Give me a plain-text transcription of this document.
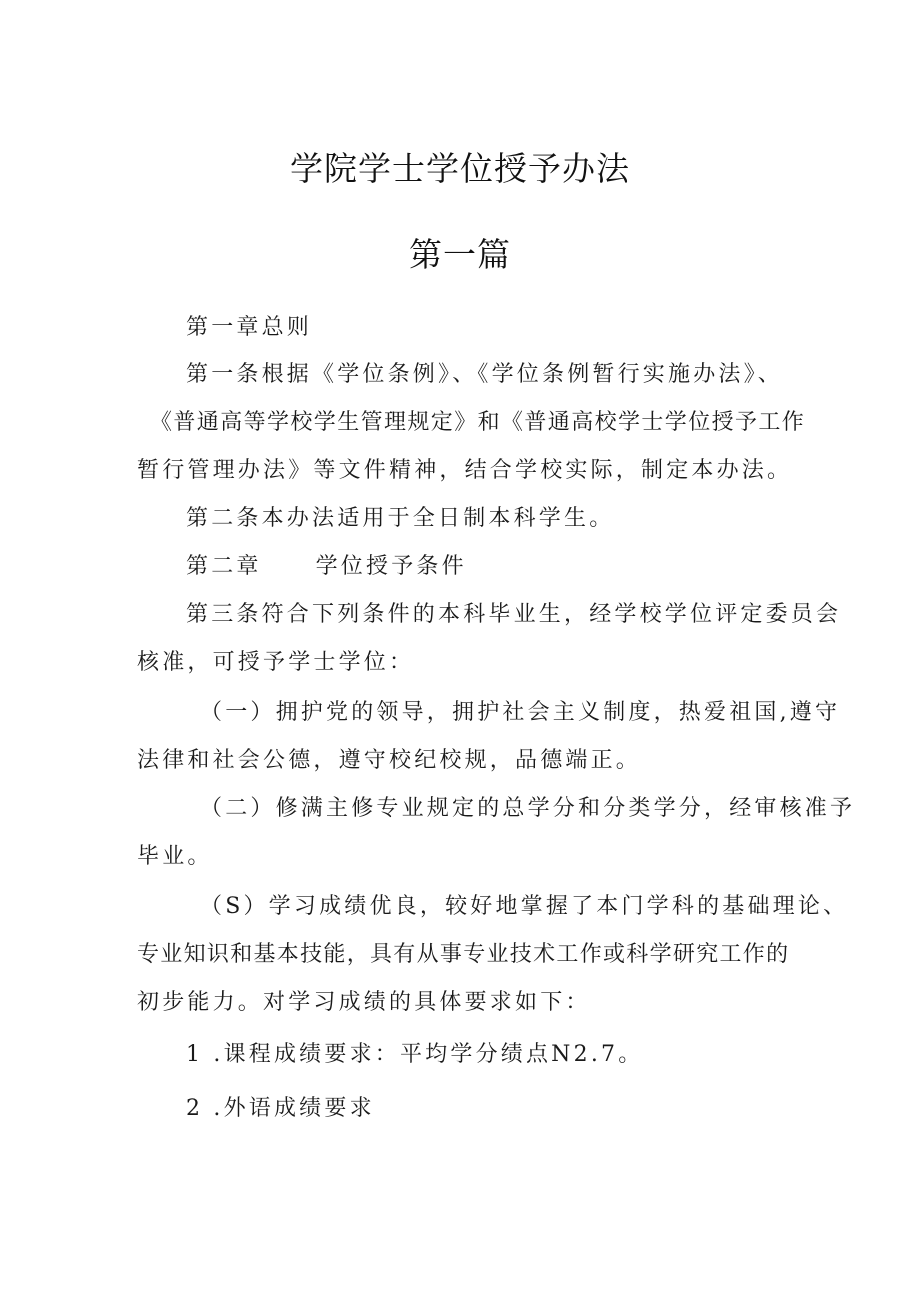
学院学士学位授予办法
第一篇
第一章总则
第一条根据《学位条例》、《学位条例暂行实施办法》、
《普通高等学校学生管理规定》和《普通高校学士学位授予工作
暂行管理办法》等文件精神，结合学校实际，制定本办法。
第二条本办法适用于全日制本科学生。
第二章 学位授予条件
第三条符合下列条件的本科毕业生，经学校学位评定委员会
核准，可授予学士学位：
（一）拥护党的领导，拥护社会主义制度，热爱祖国,遵守
法律和社会公德，遵守校纪校规，品德端正。
（二）修满主修专业规定的总学分和分类学分，经审核准予
毕业。
（S）学习成绩优良，较好地掌握了本门学科的基础理论、
专业知识和基本技能，具有从事专业技术工作或科学研究工作的
初步能力。对学习成绩的具体要求如下：
1 .课程成绩要求：平均学分绩点N2.7。
2 .外语成绩要求
